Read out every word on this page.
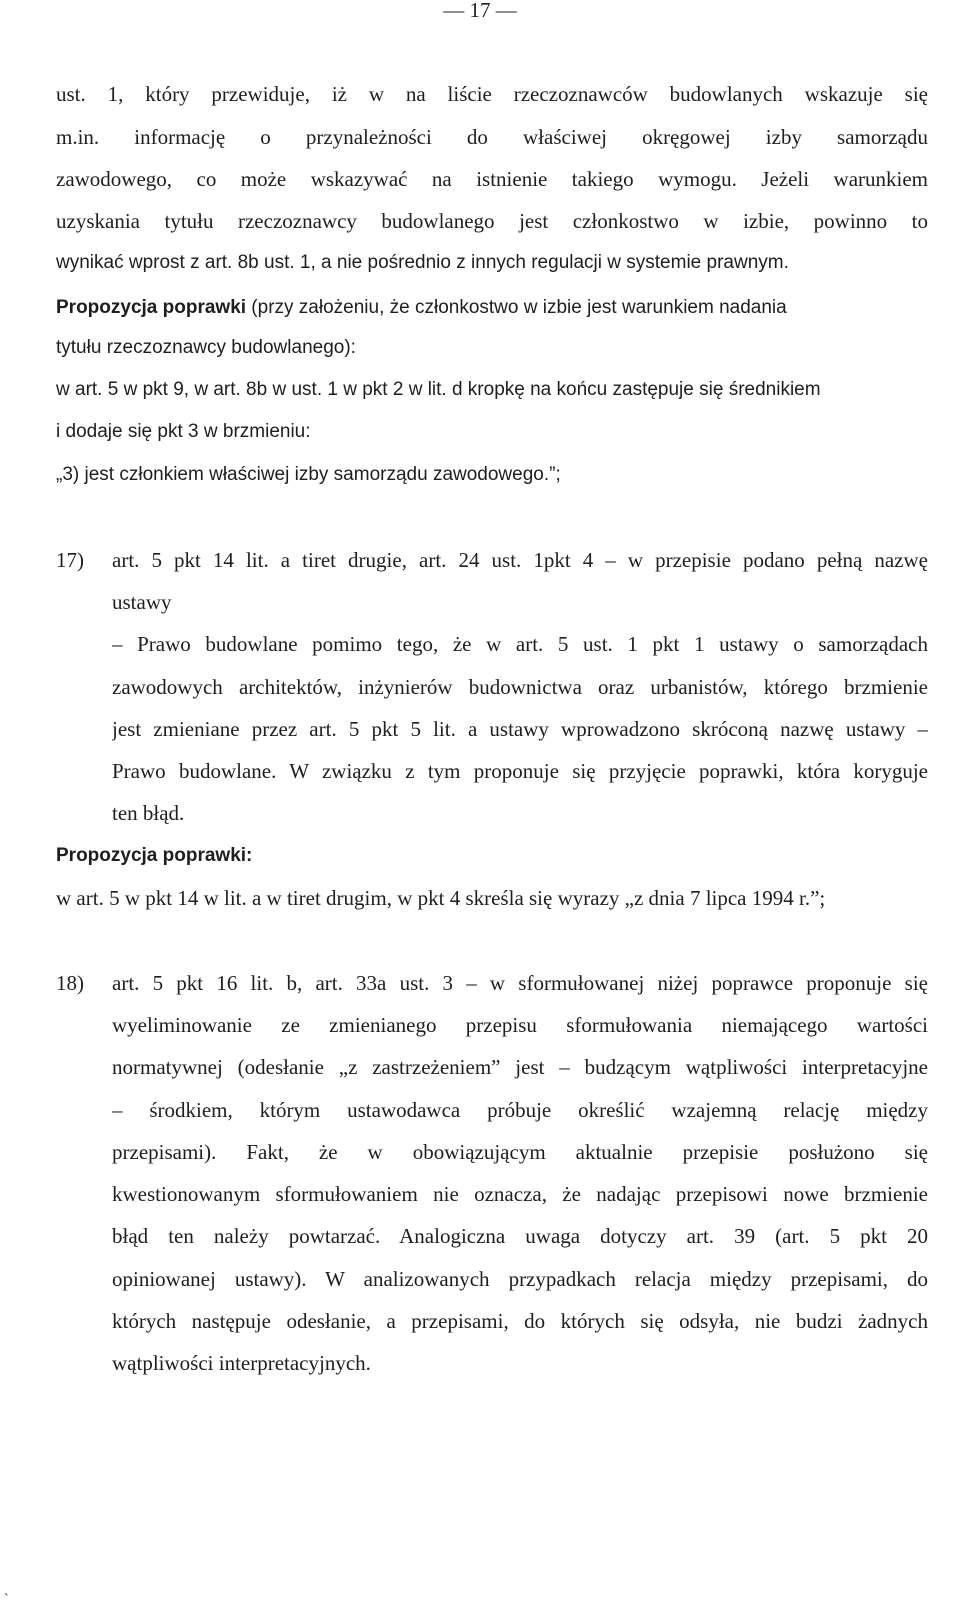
— 17 —
ust. 1, który przewiduje, iż w na liście rzeczoznawców budowlanych wskazuje się
m.in. informację o przynależności do właściwej okręgowej izby samorządu
zawodowego, co może wskazywać na istnienie takiego wymogu. Jeżeli warunkiem
uzyskania tytułu rzeczoznawcy budowlanego jest członkostwo w izbie, powinno to
wynikać wprost z art. 8b ust. 1, a nie pośrednio z innych regulacji w systemie prawnym.
Propozycja poprawki (przy założeniu, że członkostwo w izbie jest warunkiem nadania
tytułu rzeczoznawcy budowlanego):
w art. 5 w pkt 9, w art. 8b w ust. 1 w pkt 2 w lit. d kropkę na końcu zastępuje się średnikiem
i dodaje się pkt 3 w brzmieniu:
„3) jest członkiem właściwej izby samorządu zawodowego.”;
17) art. 5 pkt 14 lit. a tiret drugie, art. 24 ust. 1pkt 4 – w przepisie podano pełną nazwę
ustawy
– Prawo budowlane pomimo tego, że w art. 5 ust. 1 pkt 1 ustawy o samorządach
zawodowych architektów, inżynierów budownictwa oraz urbanistów, którego brzmienie
jest zmieniane przez art. 5 pkt 5 lit. a ustawy wprowadzono skróconą nazwę ustawy –
Prawo budowlane. W związku z tym proponuje się przyjęcie poprawki, która koryguje
ten błąd.
Propozycja poprawki:
w art. 5 w pkt 14 w lit. a w tiret drugim, w pkt 4 skreśla się wyrazy „z dnia 7 lipca 1994 r.”;
18) art. 5 pkt 16 lit. b, art. 33a ust. 3 – w sformułowanej niżej poprawce proponuje się
wyeliminowanie ze zmienianego przepisu sformułowania niemającego wartości
normatywnej (odesłanie „z zastrzeżeniem” jest – budzącym wątpliwości interpretacyjne
– środkiem, którym ustawodawca próbuje określić wzajemną relację między
przepisami). Fakt, że w obowiązującym aktualnie przepisie posłużono się
kwestionowanym sformułowaniem nie oznacza, że nadając przepisowi nowe brzmienie
błąd ten należy powtarzać. Analogiczna uwaga dotyczy art. 39 (art. 5 pkt 20
opiniowanej ustawy). W analizowanych przypadkach relacja między przepisami, do
których następuje odesłanie, a przepisami, do których się odsyła, nie budzi żadnych
wątpliwości interpretacyjnych.
`
